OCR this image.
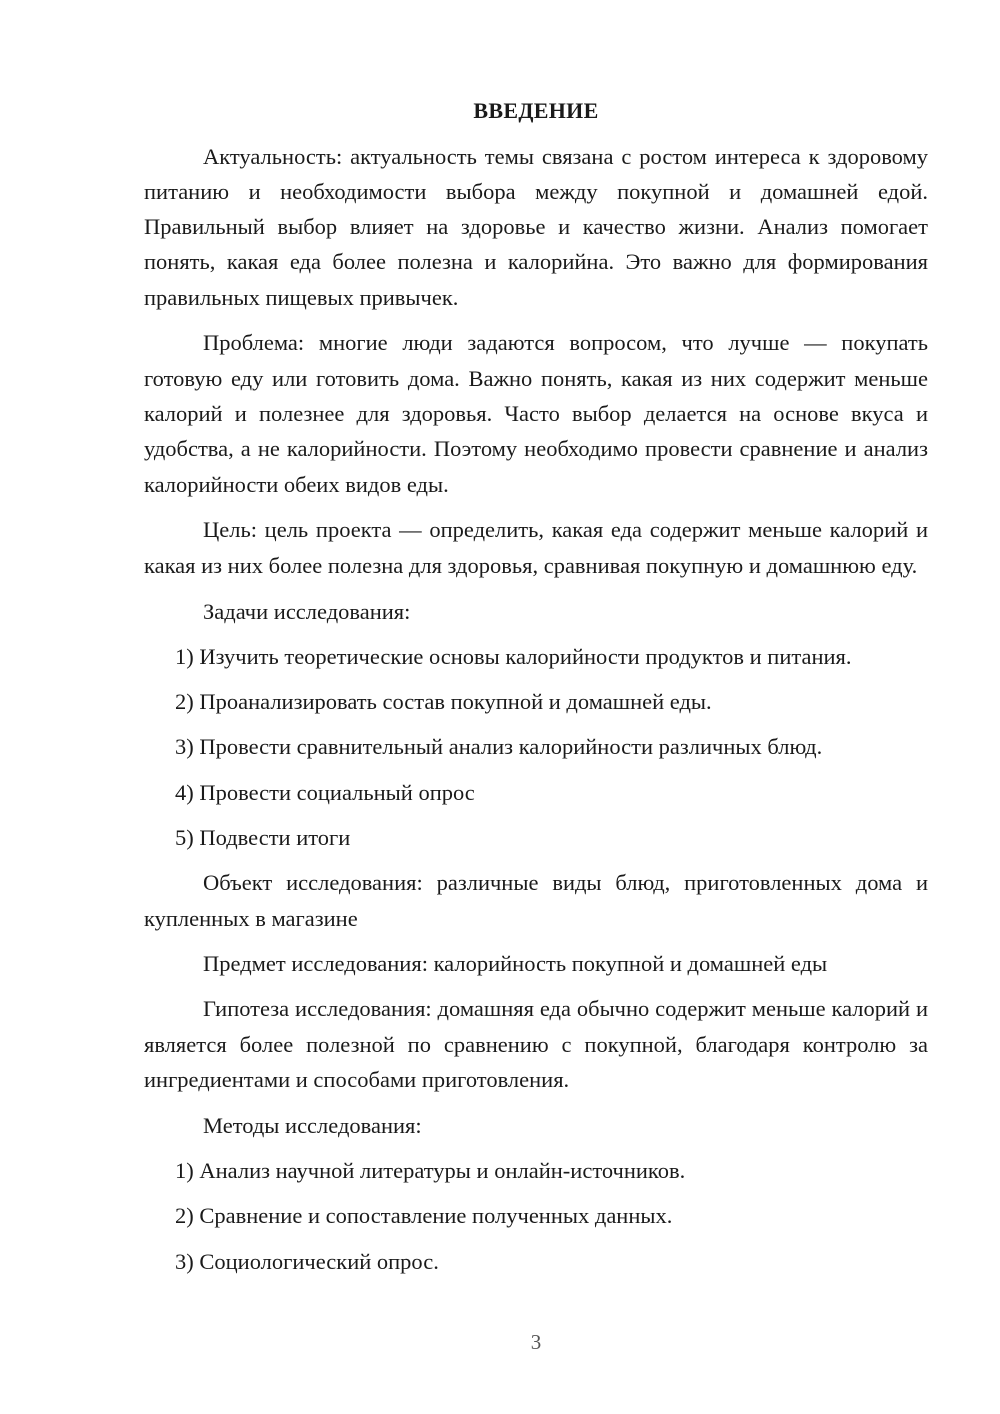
ВВЕДЕНИЕ

Актуальность: актуальность темы связана с ростом интереса к здоровому питанию и необходимости выбора между покупной и домашней едой. Правильный выбор влияет на здоровье и качество жизни. Анализ помогает понять, какая еда более полезна и калорийна. Это важно для формирования правильных пищевых привычек.

Проблема: многие люди задаются вопросом, что лучше — покупать готовую еду или готовить дома. Важно понять, какая из них содержит меньше калорий и полезнее для здоровья. Часто выбор делается на основе вкуса и удобства, а не калорийности. Поэтому необходимо провести сравнение и анализ калорийности обеих видов еды.

Цель: цель проекта — определить, какая еда содержит меньше калорий и какая из них более полезна для здоровья, сравнивая покупную и домашнюю еду.

Задачи исследования:

1) Изучить теоретические основы калорийности продуктов и питания.
2) Проанализировать состав покупной и домашней еды.
3) Провести сравнительный анализ калорийности различных блюд.
4) Провести социальный опрос
5) Подвести итоги

Объект исследования: различные виды блюд, приготовленных дома и купленных в магазине

Предмет исследования: калорийность покупной и домашней еды

Гипотеза исследования: домашняя еда обычно содержит меньше калорий и является более полезной по сравнению с покупной, благодаря контролю за ингредиентами и способами приготовления.

Методы исследования:

1) Анализ научной литературы и онлайн-источников.
2) Сравнение и сопоставление полученных данных.
3) Социологический опрос.
3
